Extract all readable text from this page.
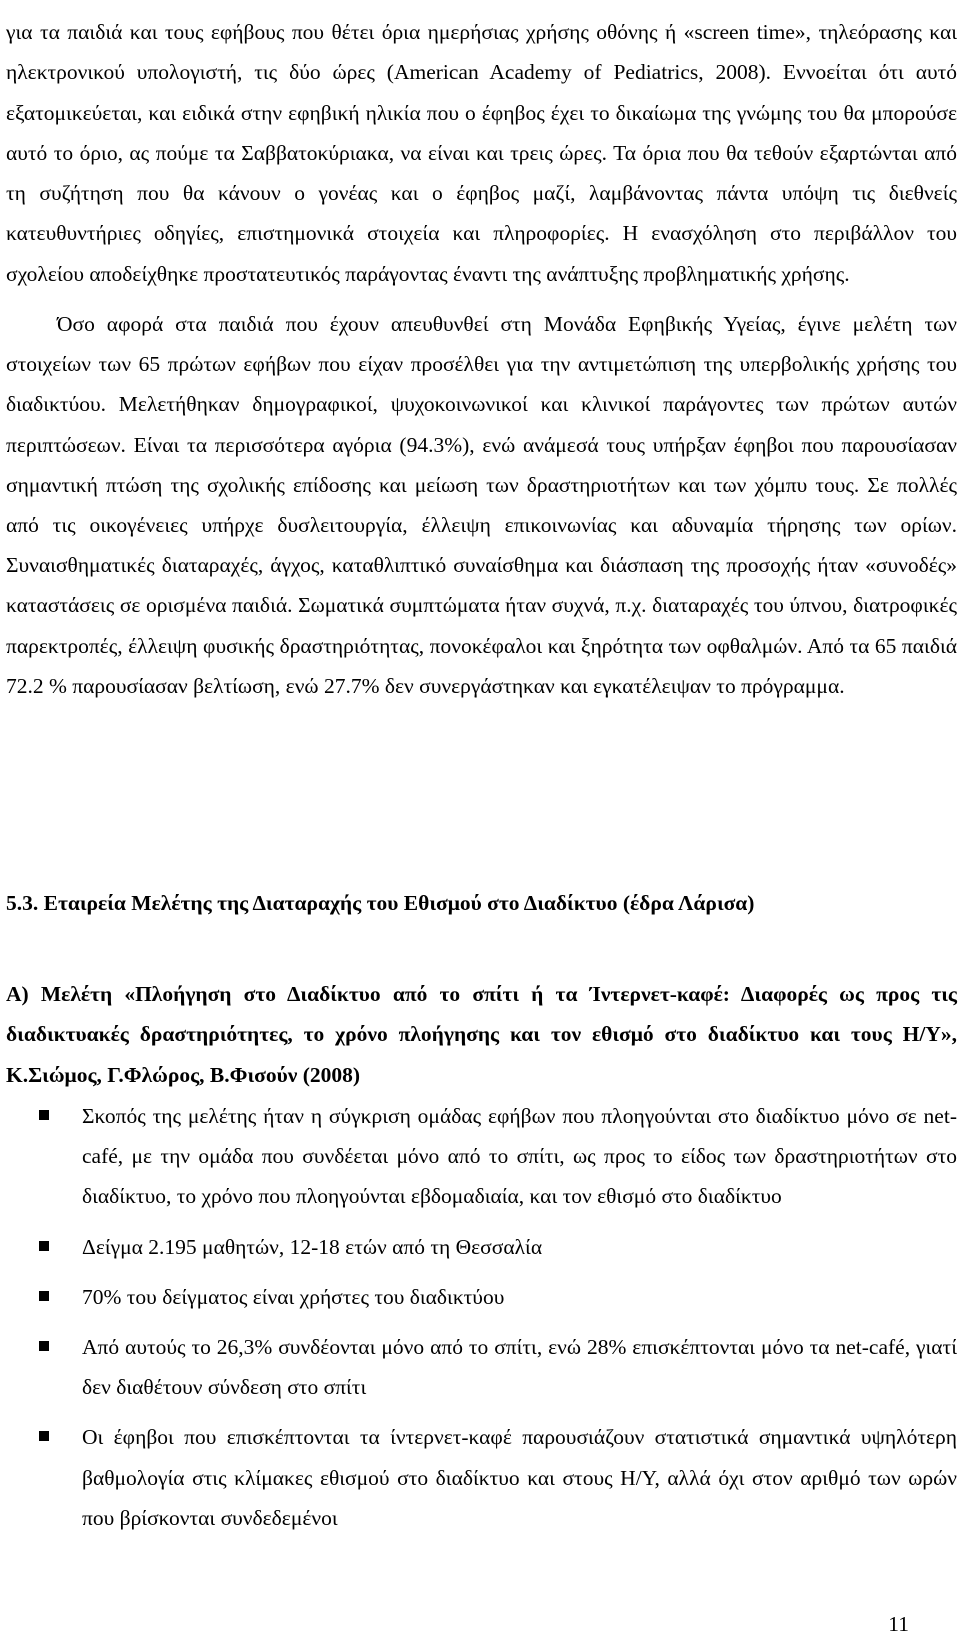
για τα παιδιά και τους εφήβους που θέτει όρια ημερήσιας χρήσης οθόνης ή «screen time», τηλεόρασης και ηλεκτρονικού υπολογιστή, τις δύο ώρες (American Academy of Pediatrics, 2008). Εννοείται ότι αυτό εξατομικεύεται, και ειδικά στην εφηβική ηλικία που ο έφηβος έχει το δικαίωμα της γνώμης του θα μπορούσε αυτό το όριο, ας πούμε τα Σαββατοκύριακα, να είναι και τρεις ώρες. Τα όρια που θα τεθούν εξαρτώνται από τη συζήτηση που θα κάνουν ο γονέας και ο έφηβος μαζί, λαμβάνοντας πάντα υπόψη τις διεθνείς κατευθυντήριες οδηγίες, επιστημονικά στοιχεία και πληροφορίες. Η ενασχόληση στο περιβάλλον του σχολείου αποδείχθηκε προστατευτικός παράγοντας έναντι της ανάπτυξης προβληματικής χρήσης.

Όσο αφορά στα παιδιά που έχουν απευθυνθεί στη Μονάδα Εφηβικής Υγείας, έγινε μελέτη των στοιχείων των 65 πρώτων εφήβων που είχαν προσέλθει για την αντιμετώπιση της υπερβολικής χρήσης του διαδικτύου. Μελετήθηκαν δημογραφικοί, ψυχοκοινωνικοί και κλινικοί παράγοντες των πρώτων αυτών περιπτώσεων. Είναι τα περισσότερα αγόρια (94.3%), ενώ ανάμεσά τους υπήρξαν έφηβοι που παρουσίασαν σημαντική πτώση της σχολικής επίδοσης και μείωση των δραστηριοτήτων και των χόμπυ τους. Σε πολλές από τις οικογένειες υπήρχε δυσλειτουργία, έλλειψη επικοινωνίας και αδυναμία τήρησης των ορίων. Συναισθηματικές διαταραχές, άγχος, καταθλιπτικό συναίσθημα και διάσπαση της προσοχής ήταν «συνοδές» καταστάσεις σε ορισμένα παιδιά. Σωματικά συμπτώματα ήταν συχνά, π.χ. διαταραχές του ύπνου, διατροφικές παρεκτροπές, έλλειψη φυσικής δραστηριότητας, πονοκέφαλοι και ξηρότητα των οφθαλμών. Από τα 65 παιδιά 72.2 % παρουσίασαν βελτίωση, ενώ 27.7% δεν συνεργάστηκαν και εγκατέλειψαν το πρόγραμμα.

5.3. Εταιρεία Μελέτης της Διαταραχής του Εθισμού στο Διαδίκτυο (έδρα Λάρισα)
Α) Μελέτη «Πλοήγηση στο Διαδίκτυο από το σπίτι ή τα Ίντερνετ-καφέ: Διαφορές ως προς τις διαδικτυακές δραστηριότητες, το χρόνο πλοήγησης και τον εθισμό στο διαδίκτυο και τους Η/Υ», Κ.Σιώμος, Γ.Φλώρος, Β.Φισούν (2008)
Σκοπός της μελέτης ήταν η σύγκριση ομάδας εφήβων που πλοηγούνται στο διαδίκτυο μόνο σε net-café, με την ομάδα που συνδέεται μόνο από το σπίτι, ως προς το είδος των δραστηριοτήτων στο διαδίκτυο, το χρόνο που πλοηγούνται εβδομαδιαία, και τον εθισμό στο διαδίκτυο
Δείγμα 2.195 μαθητών, 12-18 ετών από τη Θεσσαλία
70% του δείγματος είναι χρήστες του διαδικτύου
Από αυτούς το 26,3% συνδέονται μόνο από το σπίτι, ενώ 28% επισκέπτονται μόνο τα net-café, γιατί δεν διαθέτουν σύνδεση στο σπίτι
Οι έφηβοι που επισκέπτονται τα ίντερνετ-καφέ παρουσιάζουν στατιστικά σημαντικά υψηλότερη βαθμολογία στις κλίμακες εθισμού στο διαδίκτυο και στους Η/Υ, αλλά όχι στον αριθμό των ωρών που βρίσκονται συνδεδεμένοι
11
